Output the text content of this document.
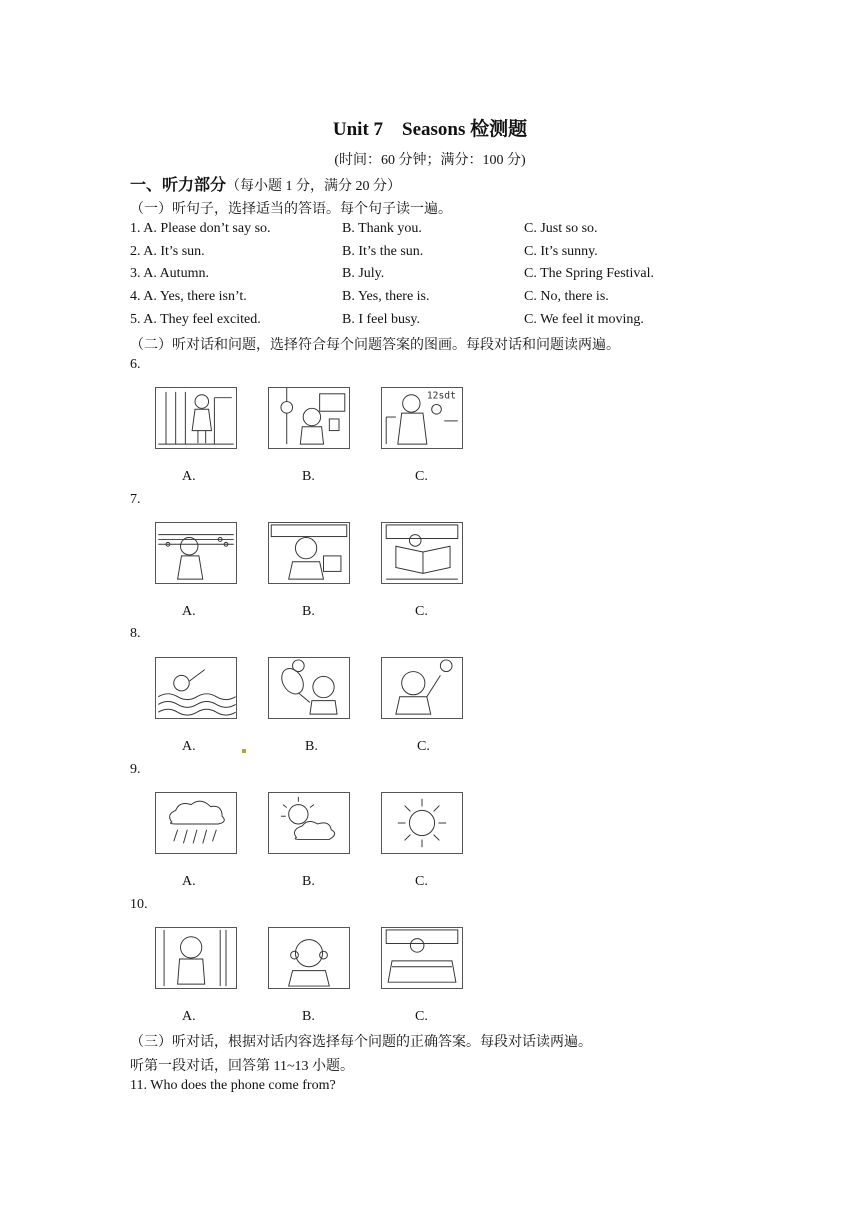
Unit 7　Seasons 检测题
(时间：60 分钟；满分：100 分)
一、听力部分（每小题 1 分，满分 20 分）
（一）听句子，选择适当的答语。每个句子读一遍。
1. A. Please don’t say so.	B. Thank you.	C. Just so so.
2. A. It’s sun.	B. It’s the sun.	C. It’s sunny.
3. A. Autumn.	B. July.	C. The Spring Festival.
4. A. Yes, there isn’t.	B. Yes, there is.	C. No, there is.
5. A. They feel excited.	B. I feel busy.	C. We feel it moving.
（二）听对话和问题，选择符合每个问题答案的图画。每段对话和问题读两遍。
6.
12sdt
A.	B.	C.
7.
A.	B.	C.
8.
A.	B.	C.
9.
A.	B.	C.
10.
A.	B.	C.
（三）听对话，根据对话内容选择每个问题的正确答案。每段对话读两遍。
听第一段对话，回答第 11~13 小题。
11. Who does the phone come from?
